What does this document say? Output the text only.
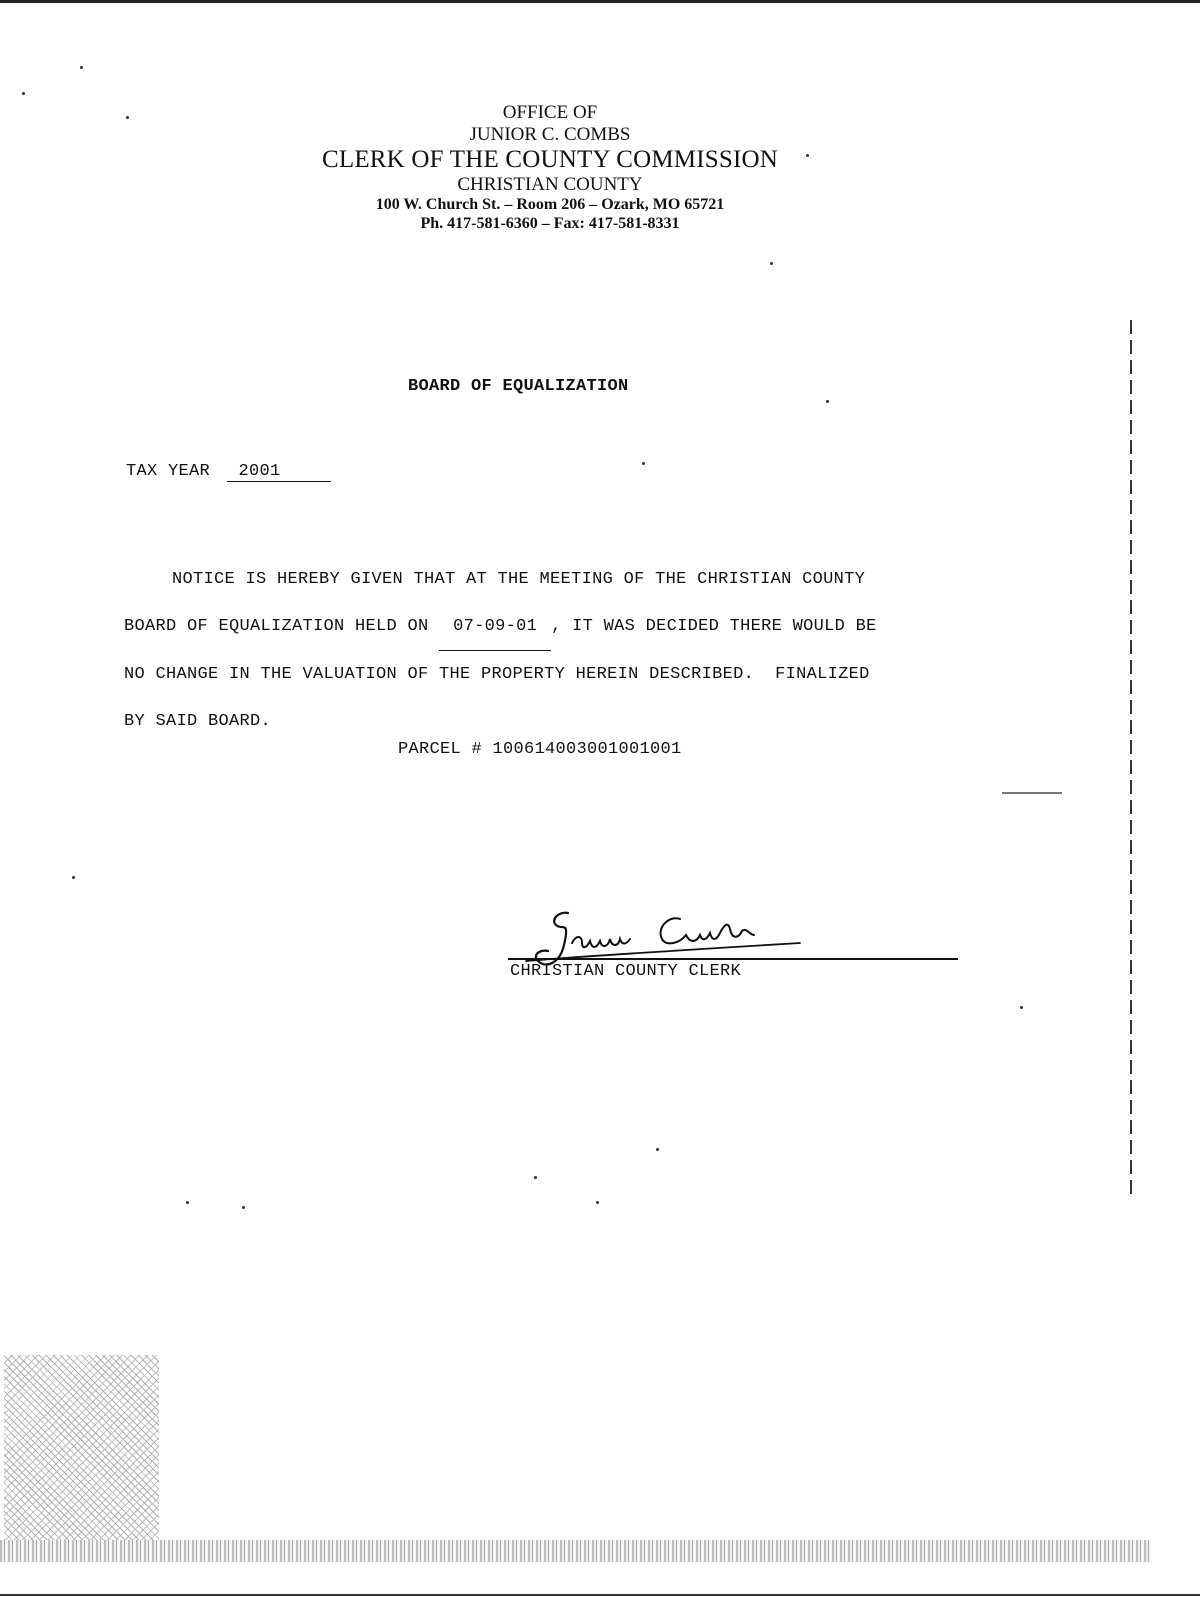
OFFICE OF
JUNIOR C. COMBS
CLERK OF THE COUNTY COMMISSION
CHRISTIAN COUNTY
100 W. Church St. – Room 206 – Ozark, MO 65721
Ph. 417-581-6360 – Fax: 417-581-8331
BOARD OF EQUALIZATION
TAX YEAR 2001
NOTICE IS HEREBY GIVEN THAT AT THE MEETING OF THE CHRISTIAN COUNTY
BOARD OF EQUALIZATION HELD ON 07-09-01 , IT WAS DECIDED THERE WOULD BE
NO CHANGE IN THE VALUATION OF THE PROPERTY HEREIN DESCRIBED.  FINALIZED
BY SAID BOARD.
PARCEL # 100614003001001001
CHRISTIAN COUNTY CLERK
